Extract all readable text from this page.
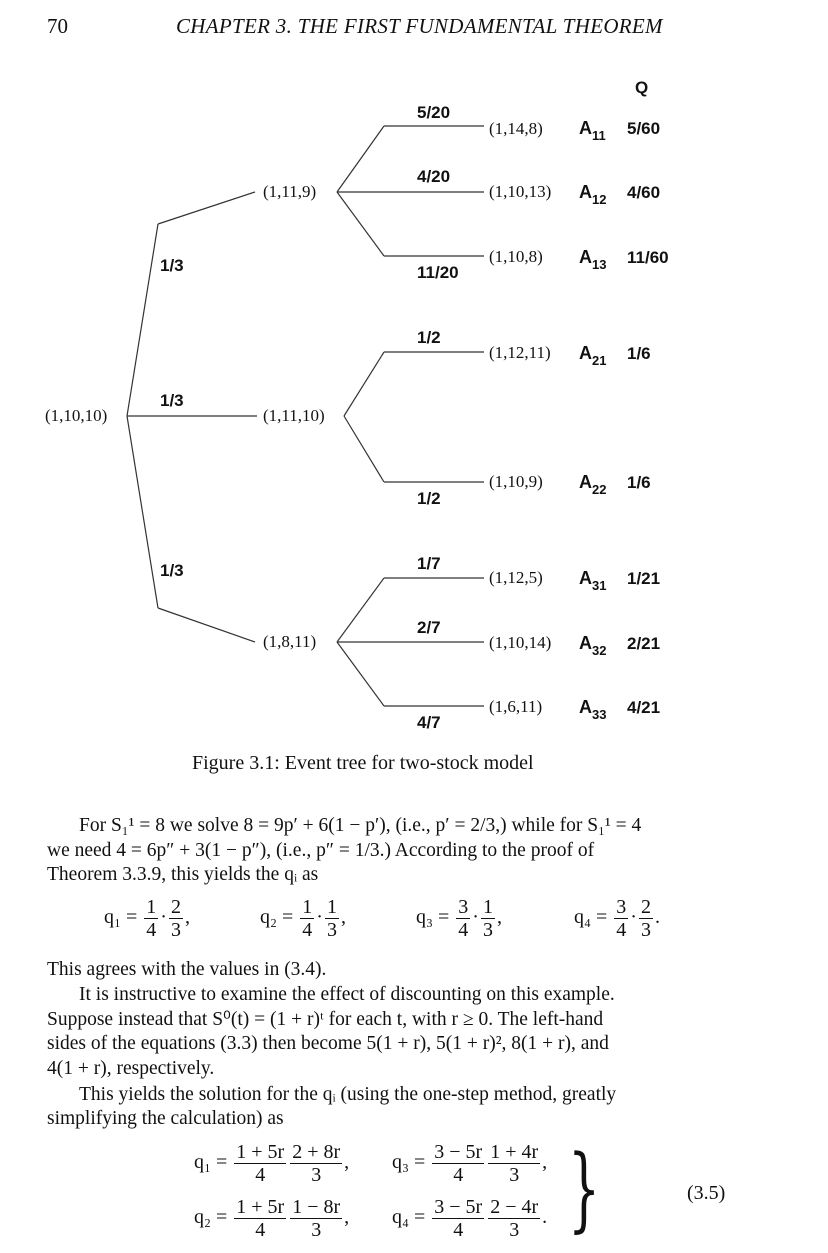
70	CHAPTER 3. THE FIRST FUNDAMENTAL THEOREM
Q
(1,10,10)
(1,11,9)
(1,11,10)
(1,8,11)
1/3
1/3
1/3
5/20
4/20
11/20
1/2
1/2
1/7
2/7
4/7
(1,14,8) $A_{11}$ 5/60
(1,10,13) $A_{12}$ 4/60
(1,10,8) $A_{13}$ 11/60
(1,12,11) $A_{21}$ 1/6
(1,10,9) $A_{22}$ 1/6
(1,12,5) $A_{31}$ 1/21
(1,10,14) $A_{32}$ 2/21
(1,6,11) $A_{33}$ 4/21
Figure 3.1: Event tree for two-stock model
For S₁¹ = 8 we solve 8 = 9p′ + 6(1 − p′), (i.e., p′ = 2/3,) while for S₁¹ = 4
we need 4 = 6p″ + 3(1 − p″), (i.e., p″ = 1/3.) According to the proof of
Theorem 3.3.9, this yields the qᵢ as
$q_1 = \frac{1}{4} \cdot \frac{2}{3}$ ,	$q_2 = \frac{1}{4} \cdot \frac{1}{3}$ ,	$q_3 = \frac{3}{4} \cdot \frac{1}{3}$ ,	$q_4 = \frac{3}{4} \cdot \frac{2}{3}$ .
This agrees with the values in (3.4).
It is instructive to examine the effect of discounting on this example.
Suppose instead that S⁰(t) = (1 + r)ᵗ for each t, with r ≥ 0. The left-hand
sides of the equations (3.3) then become 5(1 + r), 5(1 + r)², 8(1 + r), and
4(1 + r), respectively.
This yields the solution for the qᵢ (using the one-step method, greatly
simplifying the calculation) as
$q_1 = \frac{1 + 5r}{4} \frac{2 + 8r}{3}$ , $q_3 = \frac{3 - 5r}{4} \frac{1 + 4r}{3}$ ,
$q_2 = \frac{1 + 5r}{4} \frac{1 - 8r}{3}$ , $q_4 = \frac{3 - 5r}{4} \frac{2 - 4r}{3}$ . }	(3.5)
